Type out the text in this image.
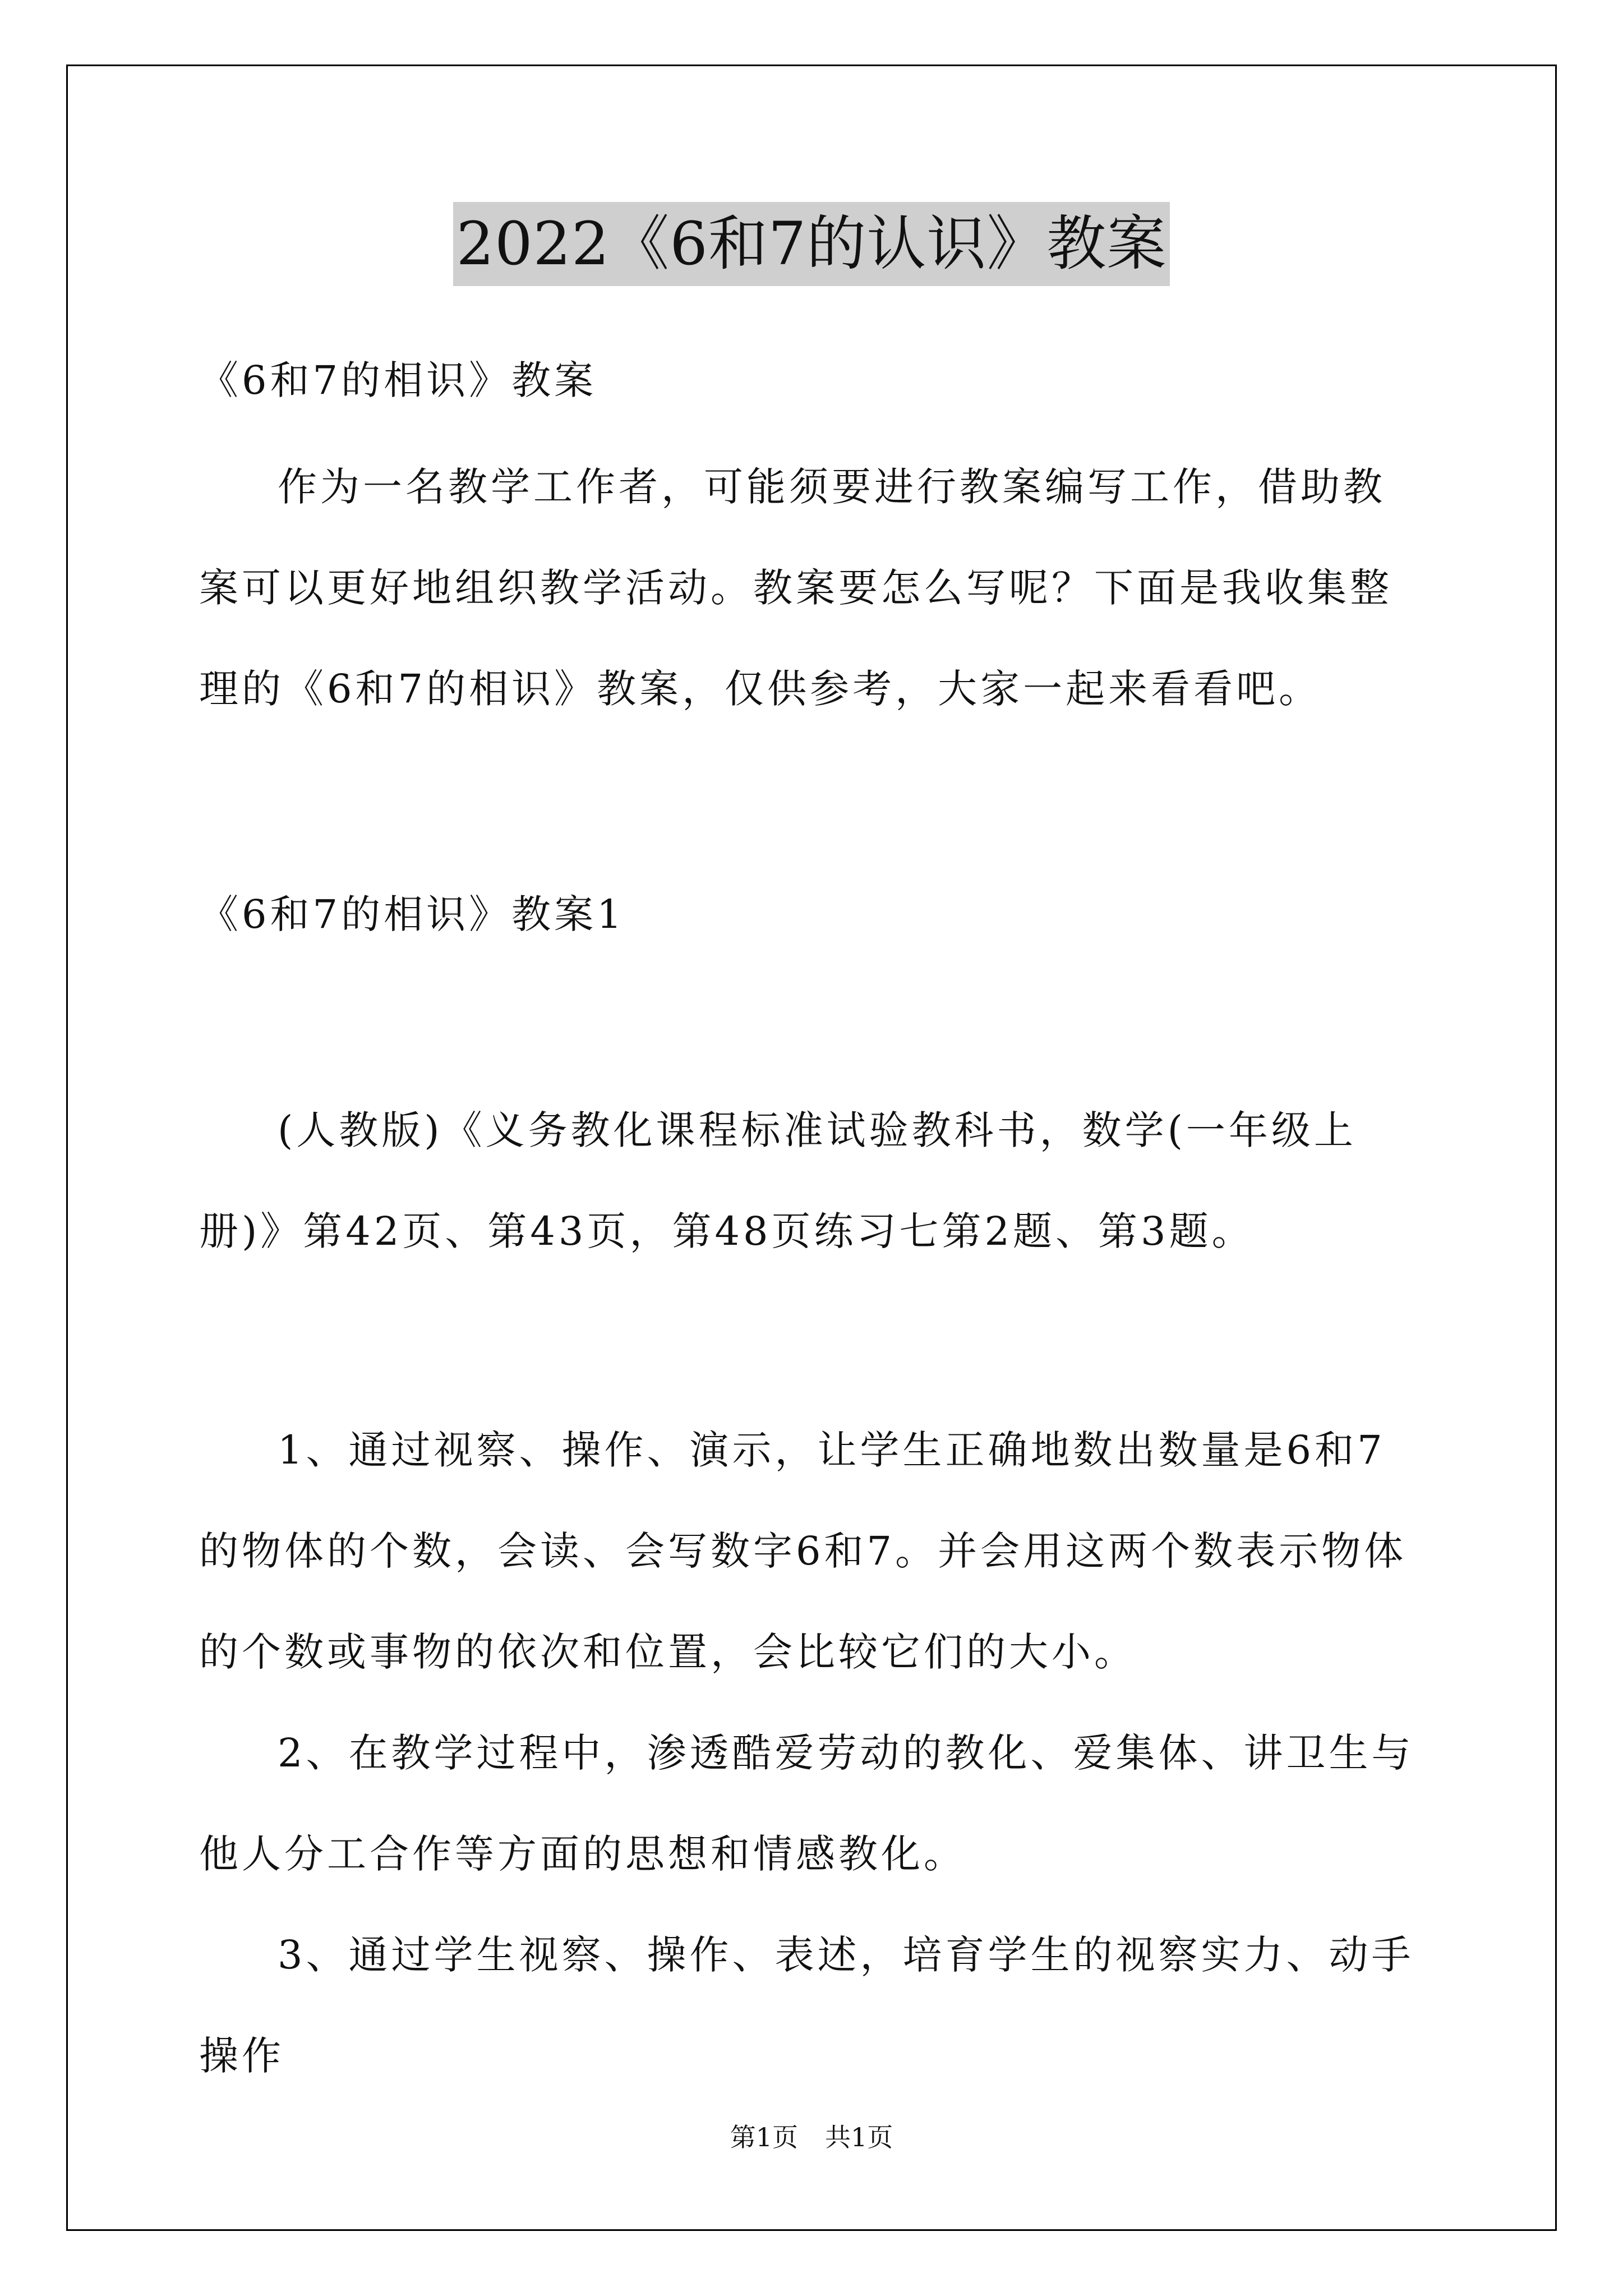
2022《6和7的认识》教案

《6和7的相识》教案

作为一名教学工作者，可能须要进行教案编写工作，借助教案可以更好地组织教学活动。教案要怎么写呢？下面是我收集整理的《6和7的相识》教案，仅供参考，大家一起来看看吧。

《6和7的相识》教案1

(人教版)《义务教化课程标准试验教科书，数学(一年级上册)》第42页、第43页，第48页练习七第2题、第3题。

1、通过视察、操作、演示，让学生正确地数出数量是6和7的物体的个数，会读、会写数字6和7。并会用这两个数表示物体的个数或事物的依次和位置，会比较它们的大小。

2、在教学过程中，渗透酷爱劳动的教化、爱集体、讲卫生与他人分工合作等方面的思想和情感教化。

3、通过学生视察、操作、表述，培育学生的视察实力、动手操作

第1页 共1页
